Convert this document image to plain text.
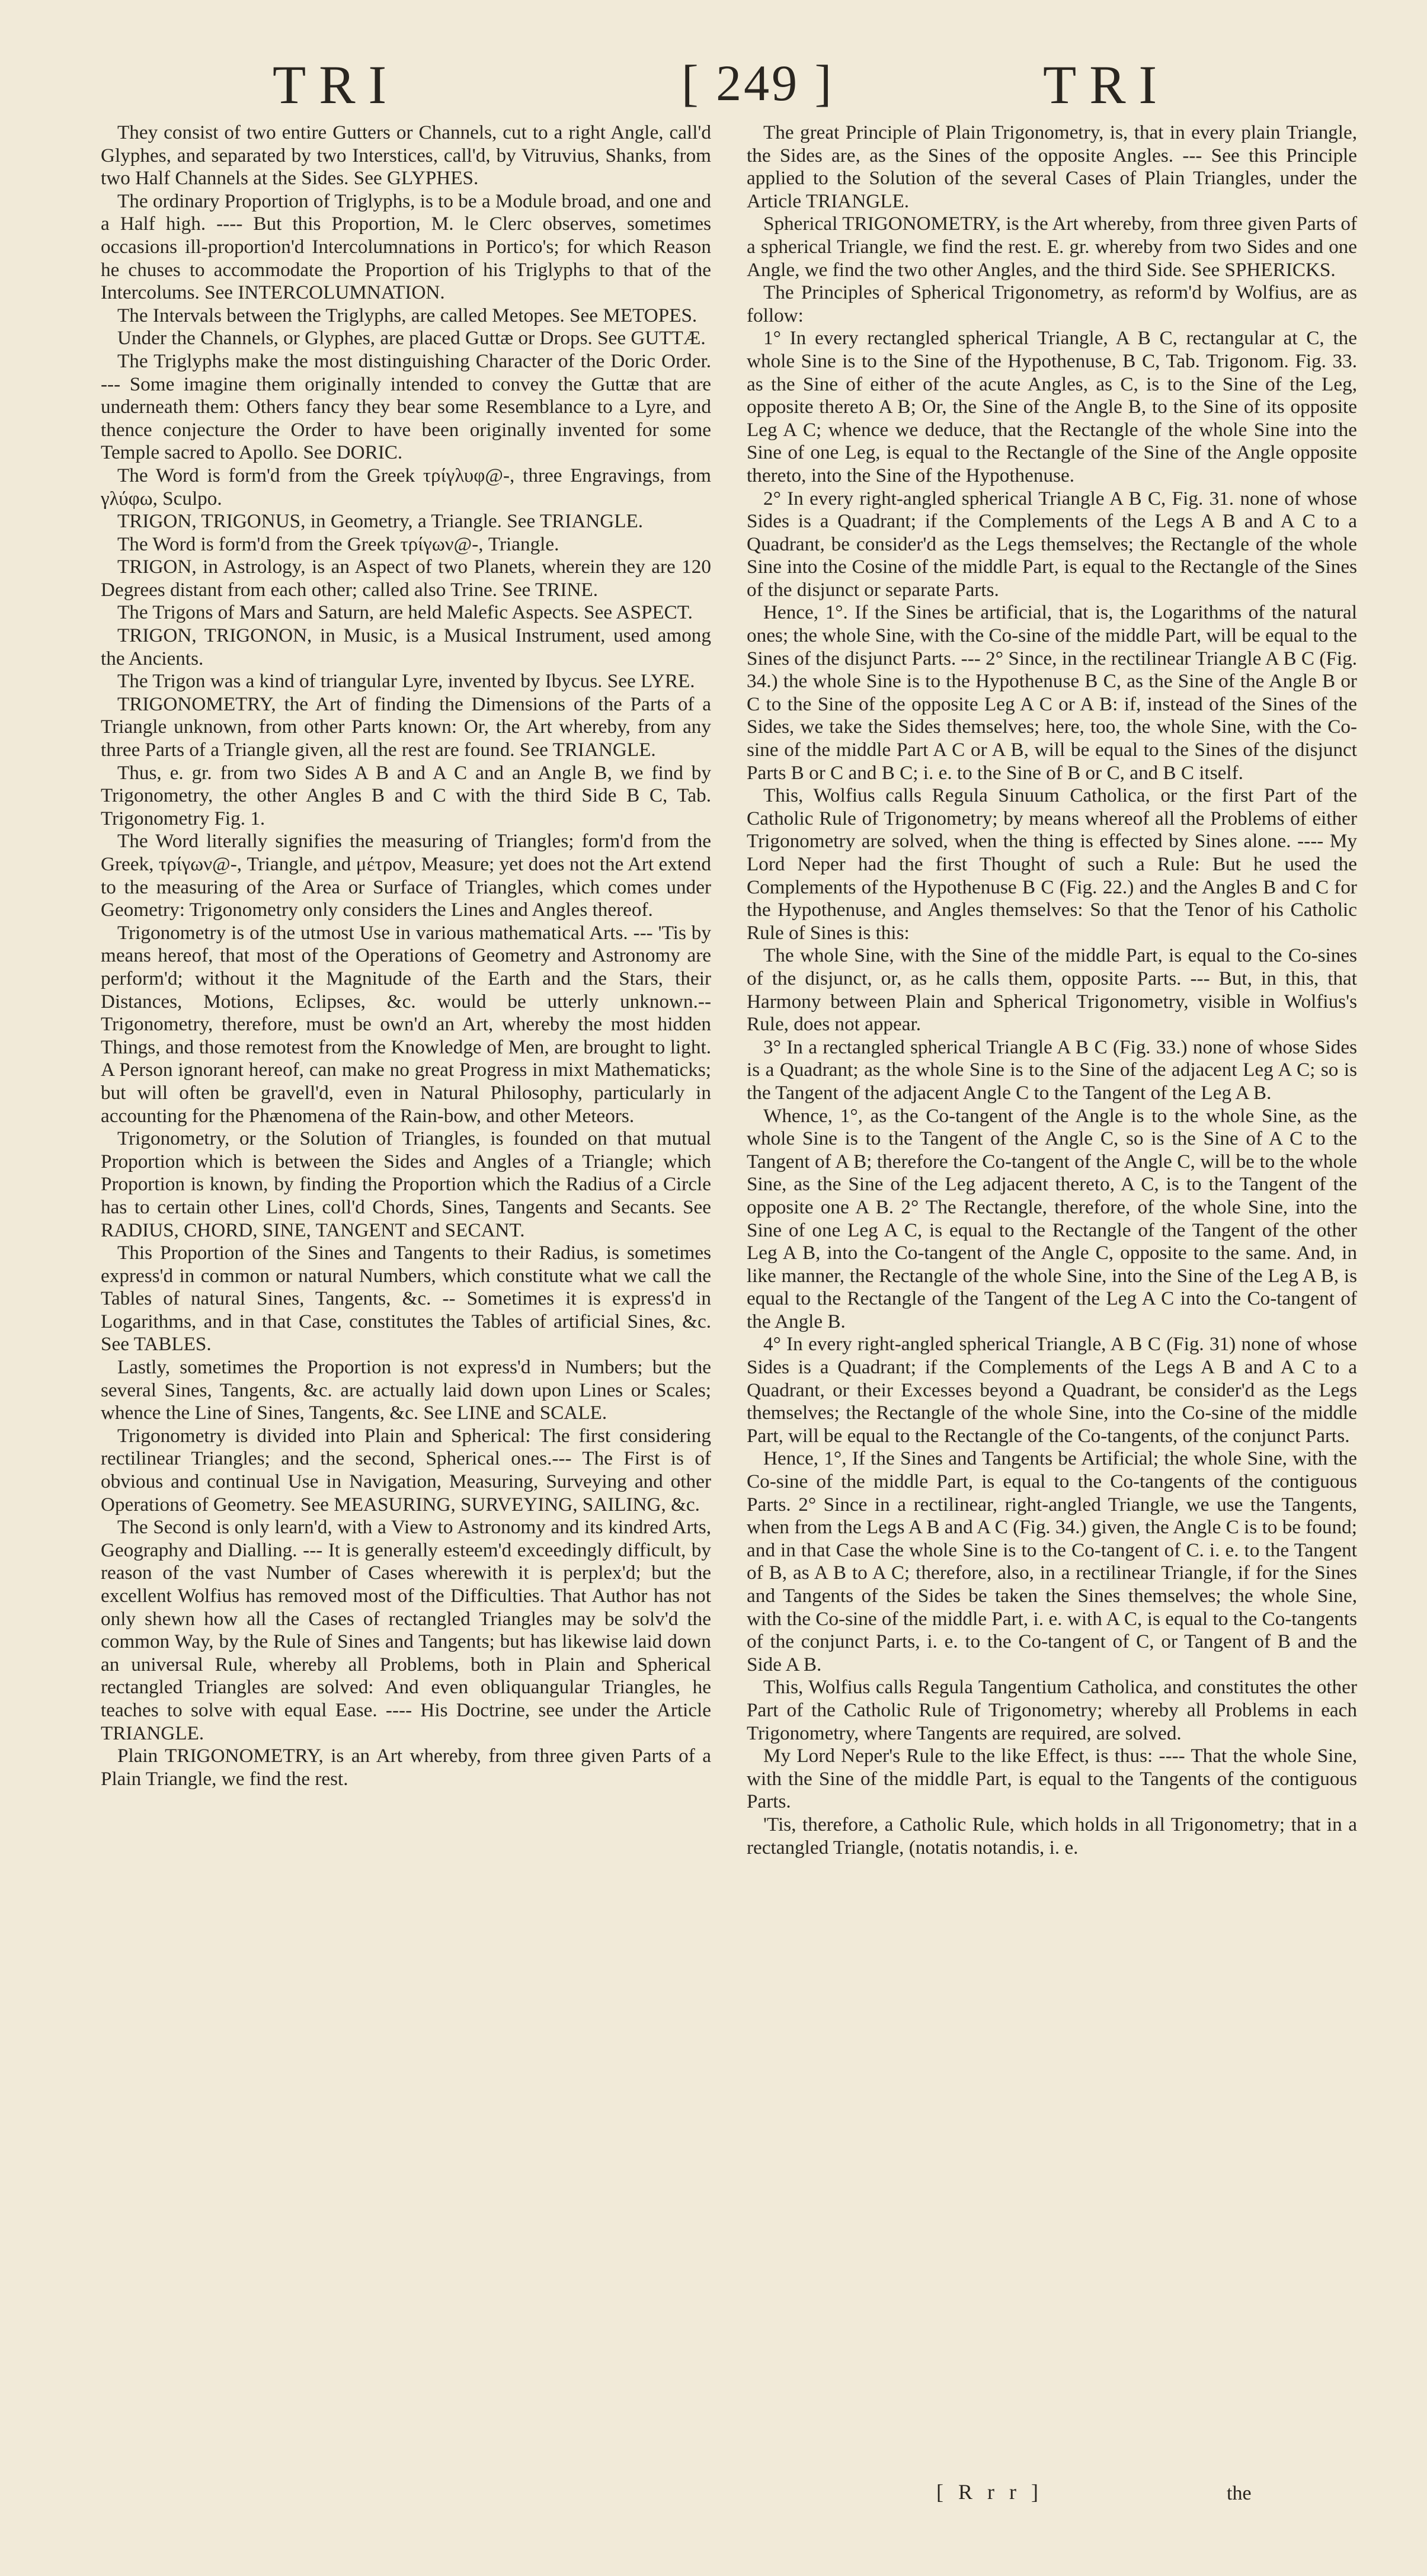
TRI	[ 249 ]	TRI

They consist of two entire Gutters or Channels, cut to a right Angle, call'd Glyphes, and separated by two Interstices, call'd, by Vitruvius, Shanks, from two Half Channels at the Sides. See GLYPHES.

The ordinary Proportion of Triglyphs, is to be a Module broad, and one and a Half high. ---- But this Proportion, M. le Clerc observes, sometimes occasions ill-proportion'd Intercolumnations in Portico's; for which Reason he chuses to accommodate the Proportion of his Triglyphs to that of the Intercolums. See INTERCOLUMNATION.

The Intervals between the Triglyphs, are called Metopes. See METOPES.

Under the Channels, or Glyphes, are placed Guttæ or Drops. See GUTTÆ.

The Triglyphs make the most distinguishing Character of the Doric Order. --- Some imagine them originally intended to convey the Guttæ that are underneath them: Others fancy they bear some Resemblance to a Lyre, and thence conjecture the Order to have been originally invented for some Temple sacred to Apollo. See DORIC.

The Word is form'd from the Greek τρίγλυφ@-, three Engravings, from γλύφω, Sculpo.

TRIGON, TRIGONUS, in Geometry, a Triangle. See TRIANGLE.

The Word is form'd from the Greek τρίγων@-, Triangle.

TRIGON, in Astrology, is an Aspect of two Planets, wherein they are 120 Degrees distant from each other; called also Trine. See TRINE.

The Trigons of Mars and Saturn, are held Malefic Aspects. See ASPECT.

TRIGON, TRIGONON, in Music, is a Musical Instrument, used among the Ancients.

The Trigon was a kind of triangular Lyre, invented by Ibycus. See LYRE.

TRIGONOMETRY, the Art of finding the Dimensions of the Parts of a Triangle unknown, from other Parts known: Or, the Art whereby, from any three Parts of a Triangle given, all the rest are found. See TRIANGLE.

Thus, e. gr. from two Sides A B and A C and an Angle B, we find by Trigonometry, the other Angles B and C with the third Side B C, Tab. Trigonometry Fig. 1.

The Word literally signifies the measuring of Triangles; form'd from the Greek, τρίγων@-, Triangle, and μέτρον, Measure; yet does not the Art extend to the measuring of the Area or Surface of Triangles, which comes under Geometry: Trigonometry only considers the Lines and Angles thereof.

Trigonometry is of the utmost Use in various mathematical Arts. --- 'Tis by means hereof, that most of the Operations of Geometry and Astronomy are perform'd; without it the Magnitude of the Earth and the Stars, their Distances, Motions, Eclipses, &c. would be utterly unknown.-- Trigonometry, therefore, must be own'd an Art, whereby the most hidden Things, and those remotest from the Knowledge of Men, are brought to light. A Person ignorant hereof, can make no great Progress in mixt Mathematicks; but will often be gravell'd, even in Natural Philosophy, particularly in accounting for the Phænomena of the Rain-bow, and other Meteors.

Trigonometry, or the Solution of Triangles, is founded on that mutual Proportion which is between the Sides and Angles of a Triangle; which Proportion is known, by finding the Proportion which the Radius of a Circle has to certain other Lines, coll'd Chords, Sines, Tangents and Secants. See RADIUS, CHORD, SINE, TANGENT and SECANT.

This Proportion of the Sines and Tangents to their Radius, is sometimes express'd in common or natural Numbers, which constitute what we call the Tables of natural Sines, Tangents, &c. -- Sometimes it is express'd in Logarithms, and in that Case, constitutes the Tables of artificial Sines, &c. See TABLES.

Lastly, sometimes the Proportion is not express'd in Numbers; but the several Sines, Tangents, &c. are actually laid down upon Lines or Scales; whence the Line of Sines, Tangents, &c. See LINE and SCALE.

Trigonometry is divided into Plain and Spherical: The first considering rectilinear Triangles; and the second, Spherical ones.--- The First is of obvious and continual Use in Navigation, Measuring, Surveying and other Operations of Geometry. See MEASURING, SURVEYING, SAILING, &c.

The Second is only learn'd, with a View to Astronomy and its kindred Arts, Geography and Dialling. --- It is generally esteem'd exceedingly difficult, by reason of the vast Number of Cases wherewith it is perplex'd; but the excellent Wolfius has removed most of the Difficulties. That Author has not only shewn how all the Cases of rectangled Triangles may be solv'd the common Way, by the Rule of Sines and Tangents; but has likewise laid down an universal Rule, whereby all Problems, both in Plain and Spherical rectangled Triangles are solved: And even obliquangular Triangles, he teaches to solve with equal Ease. ---- His Doctrine, see under the Article TRIANGLE.

Plain TRIGONOMETRY, is an Art whereby, from three given Parts of a Plain Triangle, we find the rest.

The great Principle of Plain Trigonometry, is, that in every plain Triangle, the Sides are, as the Sines of the opposite Angles. --- See this Principle applied to the Solution of the several Cases of Plain Triangles, under the Article TRIANGLE.

Spherical TRIGONOMETRY, is the Art whereby, from three given Parts of a spherical Triangle, we find the rest. E. gr. whereby from two Sides and one Angle, we find the two other Angles, and the third Side. See SPHERICKS.

The Principles of Spherical Trigonometry, as reform'd by Wolfius, are as follow:

1° In every rectangled spherical Triangle, A B C, rectangular at C, the whole Sine is to the Sine of the Hypothenuse, B C, Tab. Trigonom. Fig. 33. as the Sine of either of the acute Angles, as C, is to the Sine of the Leg, opposite thereto A B; Or, the Sine of the Angle B, to the Sine of its opposite Leg A C; whence we deduce, that the Rectangle of the whole Sine into the Sine of one Leg, is equal to the Rectangle of the Sine of the Angle opposite thereto, into the Sine of the Hypothenuse.

2° In every right-angled spherical Triangle A B C, Fig. 31. none of whose Sides is a Quadrant; if the Complements of the Legs A B and A C to a Quadrant, be consider'd as the Legs themselves; the Rectangle of the whole Sine into the Cosine of the middle Part, is equal to the Rectangle of the Sines of the disjunct or separate Parts.

Hence, 1°. If the Sines be artificial, that is, the Logarithms of the natural ones; the whole Sine, with the Co-sine of the middle Part, will be equal to the Sines of the disjunct Parts. --- 2° Since, in the rectilinear Triangle A B C (Fig. 34.) the whole Sine is to the Hypothenuse B C, as the Sine of the Angle B or C to the Sine of the opposite Leg A C or A B: if, instead of the Sines of the Sides, we take the Sides themselves; here, too, the whole Sine, with the Co-sine of the middle Part A C or A B, will be equal to the Sines of the disjunct Parts B or C and B C; i. e. to the Sine of B or C, and B C itself.

This, Wolfius calls Regula Sinuum Catholica, or the first Part of the Catholic Rule of Trigonometry; by means whereof all the Problems of either Trigonometry are solved, when the thing is effected by Sines alone. ---- My Lord Neper had the first Thought of such a Rule: But he used the Complements of the Hypothenuse B C (Fig. 22.) and the Angles B and C for the Hypothenuse, and Angles themselves: So that the Tenor of his Catholic Rule of Sines is this:

The whole Sine, with the Sine of the middle Part, is equal to the Co-sines of the disjunct, or, as he calls them, opposite Parts. --- But, in this, that Harmony between Plain and Spherical Trigonometry, visible in Wolfius's Rule, does not appear.

3° In a rectangled spherical Triangle A B C (Fig. 33.) none of whose Sides is a Quadrant; as the whole Sine is to the Sine of the adjacent Leg A C; so is the Tangent of the adjacent Angle C to the Tangent of the Leg A B.

Whence, 1°, as the Co-tangent of the Angle is to the whole Sine, as the whole Sine is to the Tangent of the Angle C, so is the Sine of A C to the Tangent of A B; therefore the Co-tangent of the Angle C, will be to the whole Sine, as the Sine of the Leg adjacent thereto, A C, is to the Tangent of the opposite one A B. 2° The Rectangle, therefore, of the whole Sine, into the Sine of one Leg A C, is equal to the Rectangle of the Tangent of the other Leg A B, into the Co-tangent of the Angle C, opposite to the same. And, in like manner, the Rectangle of the whole Sine, into the Sine of the Leg A B, is equal to the Rectangle of the Tangent of the Leg A C into the Co-tangent of the Angle B.

4° In every right-angled spherical Triangle, A B C (Fig. 31) none of whose Sides is a Quadrant; if the Complements of the Legs A B and A C to a Quadrant, or their Excesses beyond a Quadrant, be consider'd as the Legs themselves; the Rectangle of the whole Sine, into the Co-sine of the middle Part, will be equal to the Rectangle of the Co-tangents, of the conjunct Parts.

Hence, 1°, If the Sines and Tangents be Artificial; the whole Sine, with the Co-sine of the middle Part, is equal to the Co-tangents of the contiguous Parts. 2° Since in a rectilinear, right-angled Triangle, we use the Tangents, when from the Legs A B and A C (Fig. 34.) given, the Angle C is to be found; and in that Case the whole Sine is to the Co-tangent of C. i. e. to the Tangent of B, as A B to A C; therefore, also, in a rectilinear Triangle, if for the Sines and Tangents of the Sides be taken the Sines themselves; the whole Sine, with the Co-sine of the middle Part, i. e. with A C, is equal to the Co-tangents of the conjunct Parts, i. e. to the Co-tangent of C, or Tangent of B and the Side A B.

This, Wolfius calls Regula Tangentium Catholica, and constitutes the other Part of the Catholic Rule of Trigonometry; whereby all Problems in each Trigonometry, where Tangents are required, are solved.

My Lord Neper's Rule to the like Effect, is thus: ---- That the whole Sine, with the Sine of the middle Part, is equal to the Tangents of the contiguous Parts.

'Tis, therefore, a Catholic Rule, which holds in all Trigonometry; that in a rectangled Triangle, (notatis notandis, i. e.

[ R r r ]	the
